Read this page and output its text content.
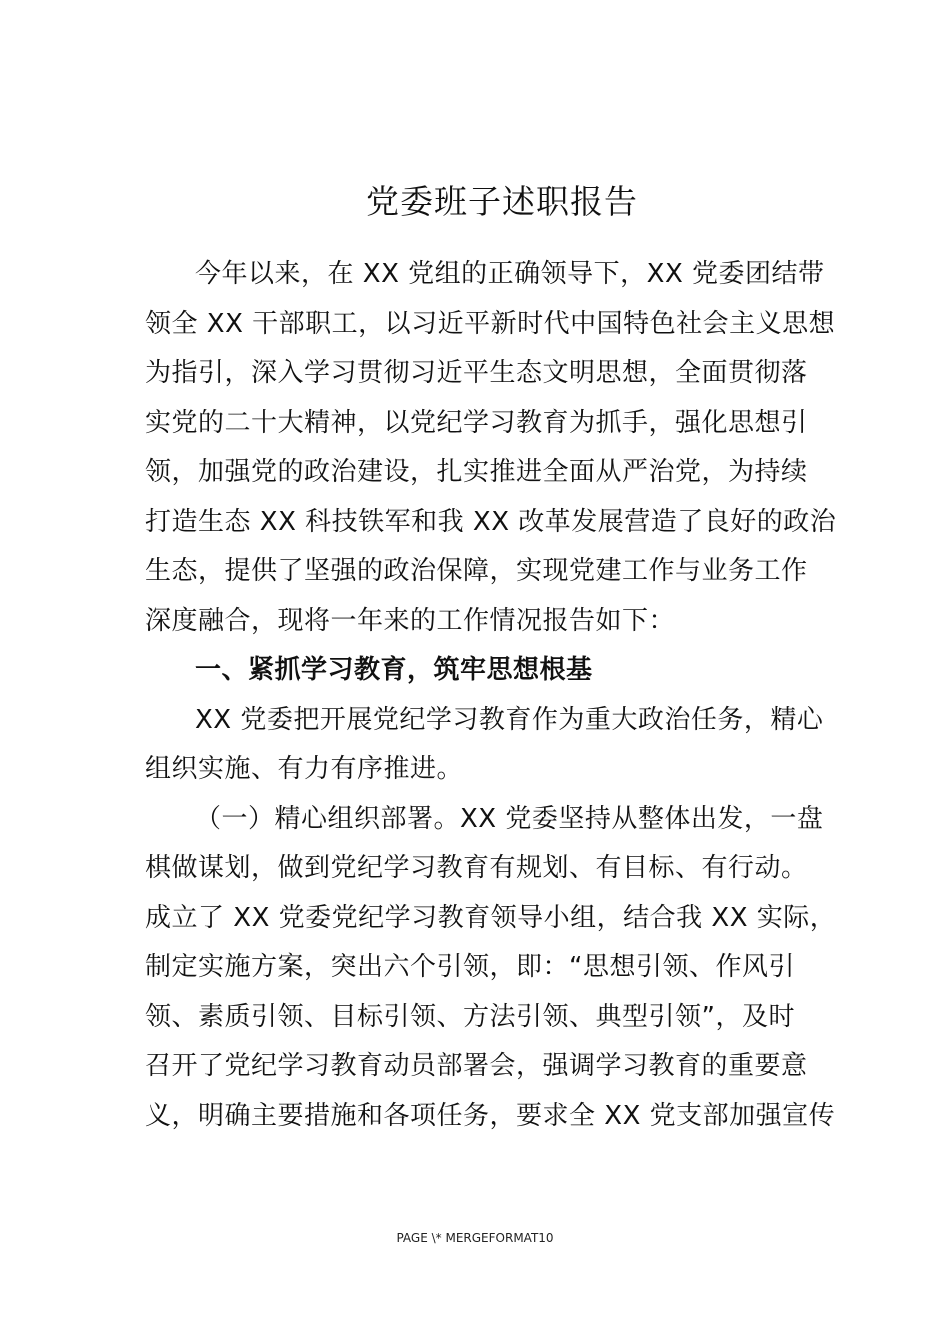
党委班子述职报告
今年以来，在 XX 党组的正确领导下，XX 党委团结带
领全 XX 干部职工，以习近平新时代中国特色社会主义思想
为指引，深入学习贯彻习近平生态文明思想，全面贯彻落
实党的二十大精神，以党纪学习教育为抓手，强化思想引
领，加强党的政治建设，扎实推进全面从严治党，为持续
打造生态 XX 科技铁军和我 XX 改革发展营造了良好的政治
生态，提供了坚强的政治保障，实现党建工作与业务工作
深度融合，现将一年来的工作情况报告如下：
一、紧抓学习教育，筑牢思想根基
XX 党委把开展党纪学习教育作为重大政治任务，精心
组织实施、有力有序推进。
（一）精心组织部署。XX 党委坚持从整体出发，一盘
棋做谋划，做到党纪学习教育有规划、有目标、有行动。
成立了 XX 党委党纪学习教育领导小组，结合我 XX 实际，
制定实施方案，突出六个引领，即：“思想引领、作风引
领、素质引领、目标引领、方法引领、典型引领”，及时
召开了党纪学习教育动员部署会，强调学习教育的重要意
义，明确主要措施和各项任务，要求全 XX 党支部加强宣传
PAGE \* MERGEFORMAT10
